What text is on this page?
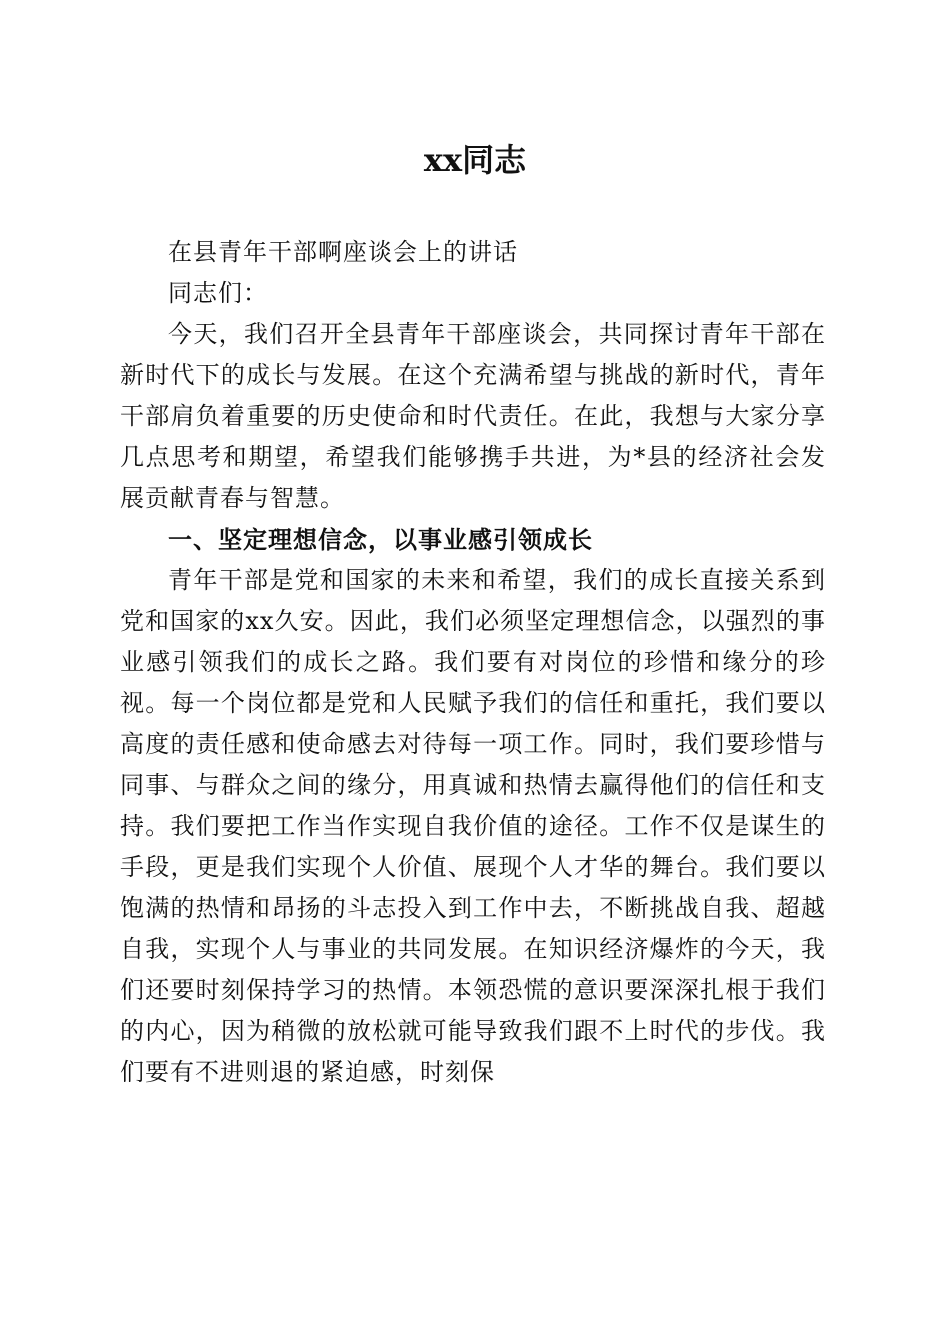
xx同志

在县青年干部啊座谈会上的讲话

同志们：

今天，我们召开全县青年干部座谈会，共同探讨青年干部在新时代下的成长与发展。在这个充满希望与挑战的新时代，青年干部肩负着重要的历史使命和时代责任。在此，我想与大家分享几点思考和期望，希望我们能够携手共进，为*县的经济社会发展贡献青春与智慧。

一、坚定理想信念，以事业感引领成长

青年干部是党和国家的未来和希望，我们的成长直接关系到党和国家的xx久安。因此，我们必须坚定理想信念，以强烈的事业感引领我们的成长之路。我们要有对岗位的珍惜和缘分的珍视。每一个岗位都是党和人民赋予我们的信任和重托，我们要以高度的责任感和使命感去对待每一项工作。同时，我们要珍惜与同事、与群众之间的缘分，用真诚和热情去赢得他们的信任和支持。我们要把工作当作实现自我价值的途径。工作不仅是谋生的手段，更是我们实现个人价值、展现个人才华的舞台。我们要以饱满的热情和昂扬的斗志投入到工作中去，不断挑战自我、超越自我，实现个人与事业的共同发展。在知识经济爆炸的今天，我们还要时刻保持学习的热情。本领恐慌的意识要深深扎根于我们的内心，因为稍微的放松就可能导致我们跟不上时代的步伐。我们要有不进则退的紧迫感，时刻保
